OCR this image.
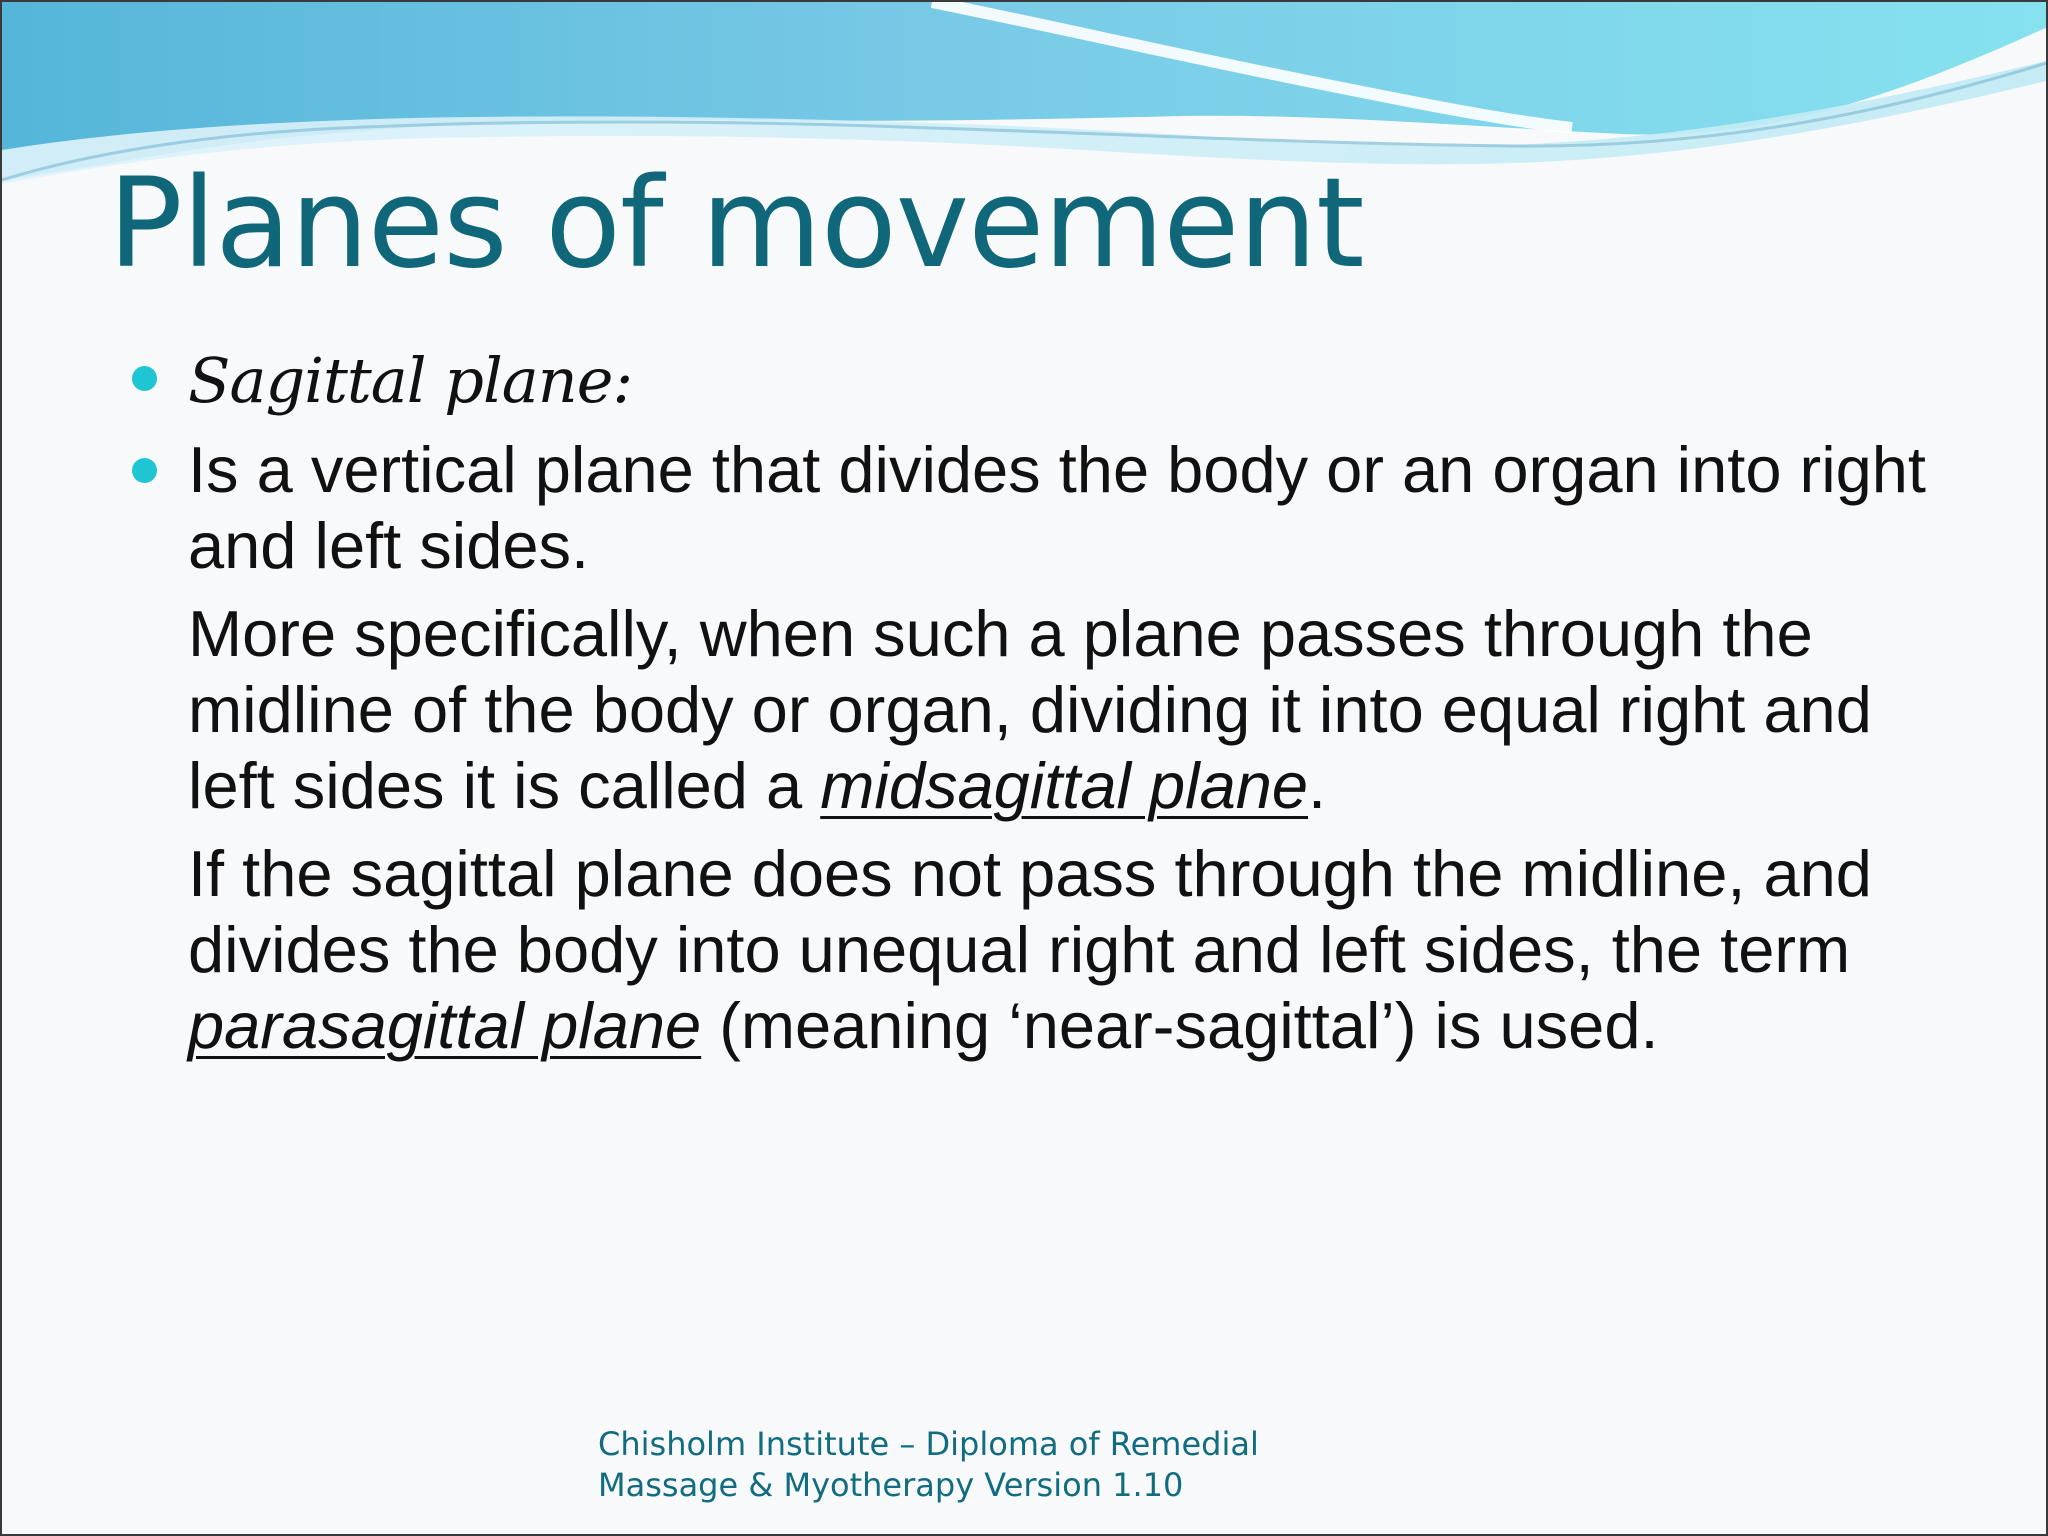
Planes of movement

Sagittal plane:

Is a vertical plane that divides the body or an organ into right and left sides.

More specifically, when such a plane passes through the midline of the body or organ, dividing it into equal right and left sides it is called a midsagittal plane.

If the sagittal plane does not pass through the midline, and divides the body into unequal right and left sides, the term parasagittal plane (meaning ‘near-sagittal’) is used.

Chisholm Institute – Diploma of Remedial
Massage & Myotherapy Version 1.10
